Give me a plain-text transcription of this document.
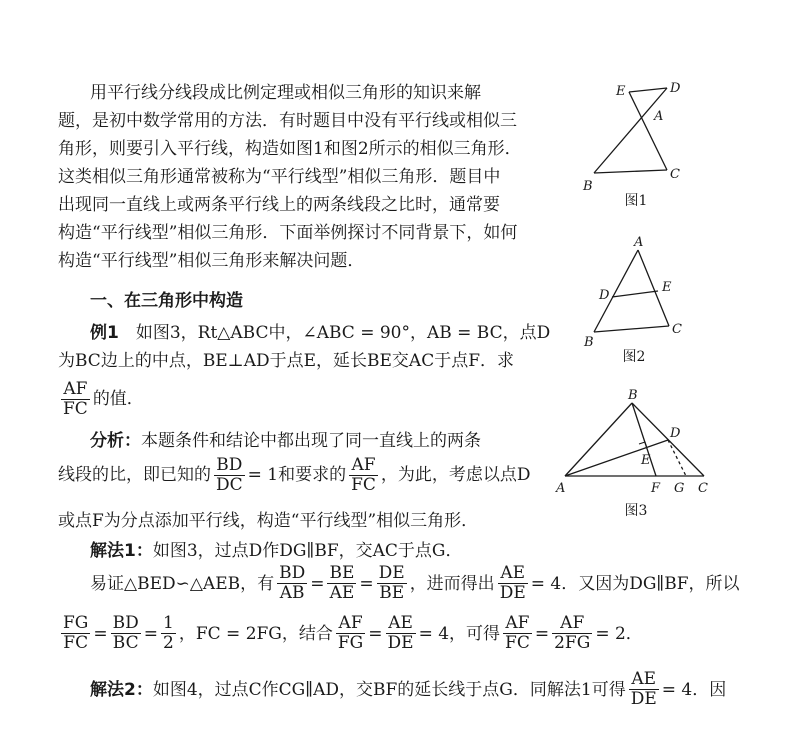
用平行线分线段成比例定理或相似三角形的知识来解
题，是初中数学常用的方法．有时题目中没有平行线或相似三
角形，则要引入平行线，构造如图1和图2所示的相似三角形．
这类相似三角形通常被称为“平行线型”相似三角形．题目中
出现同一直线上或两条平行线上的两条线段之比时，通常要
构造“平行线型”相似三角形．下面举例探讨不同背景下，如何
构造“平行线型”相似三角形来解决问题．
一、在三角形中构造
例1　如图3，Rt△ABC中，∠ABC = 90°，AB = BC，点D
为BC边上的中点，BE⊥AD于点E，延长BE交AC于点F．求
$\frac{AF}{FC}$ 的值．
分析：本题条件和结论中都出现了同一直线上的两条
线段的比，即已知的 $\frac{BD}{DC} = 1$和要求的 $\frac{AF}{FC}$ ，为此，考虑以点D
或点F为分点添加平行线，构造“平行线型”相似三角形．
解法1：如图3，过点D作DG∥BF，交AC于点G．
易证△BED∽△AEB，有 $\frac{BD}{AB} = \frac{BE}{AE} = \frac{DE}{BE}$ ，进而得出 $\frac{AE}{DE} = 4$．又因为DG∥BF，所以
$\frac{FG}{FC} = \frac{BD}{BC} = \frac{1}{2}$ ，FC = 2FG，结合 $\frac{AF}{FG} = \frac{AE}{DE} = 4$，可得 $\frac{AF}{FC} = \frac{AF}{2FG} = 2$．
解法2：如图4，过点C作CG∥AD，交BF的延长线于点G．同解法1可得 $\frac{AE}{DE} = 4$．因
E	D
A
B
C
A
D
E
B
C
B
D
E
A	F G C
图1
图2
图3
